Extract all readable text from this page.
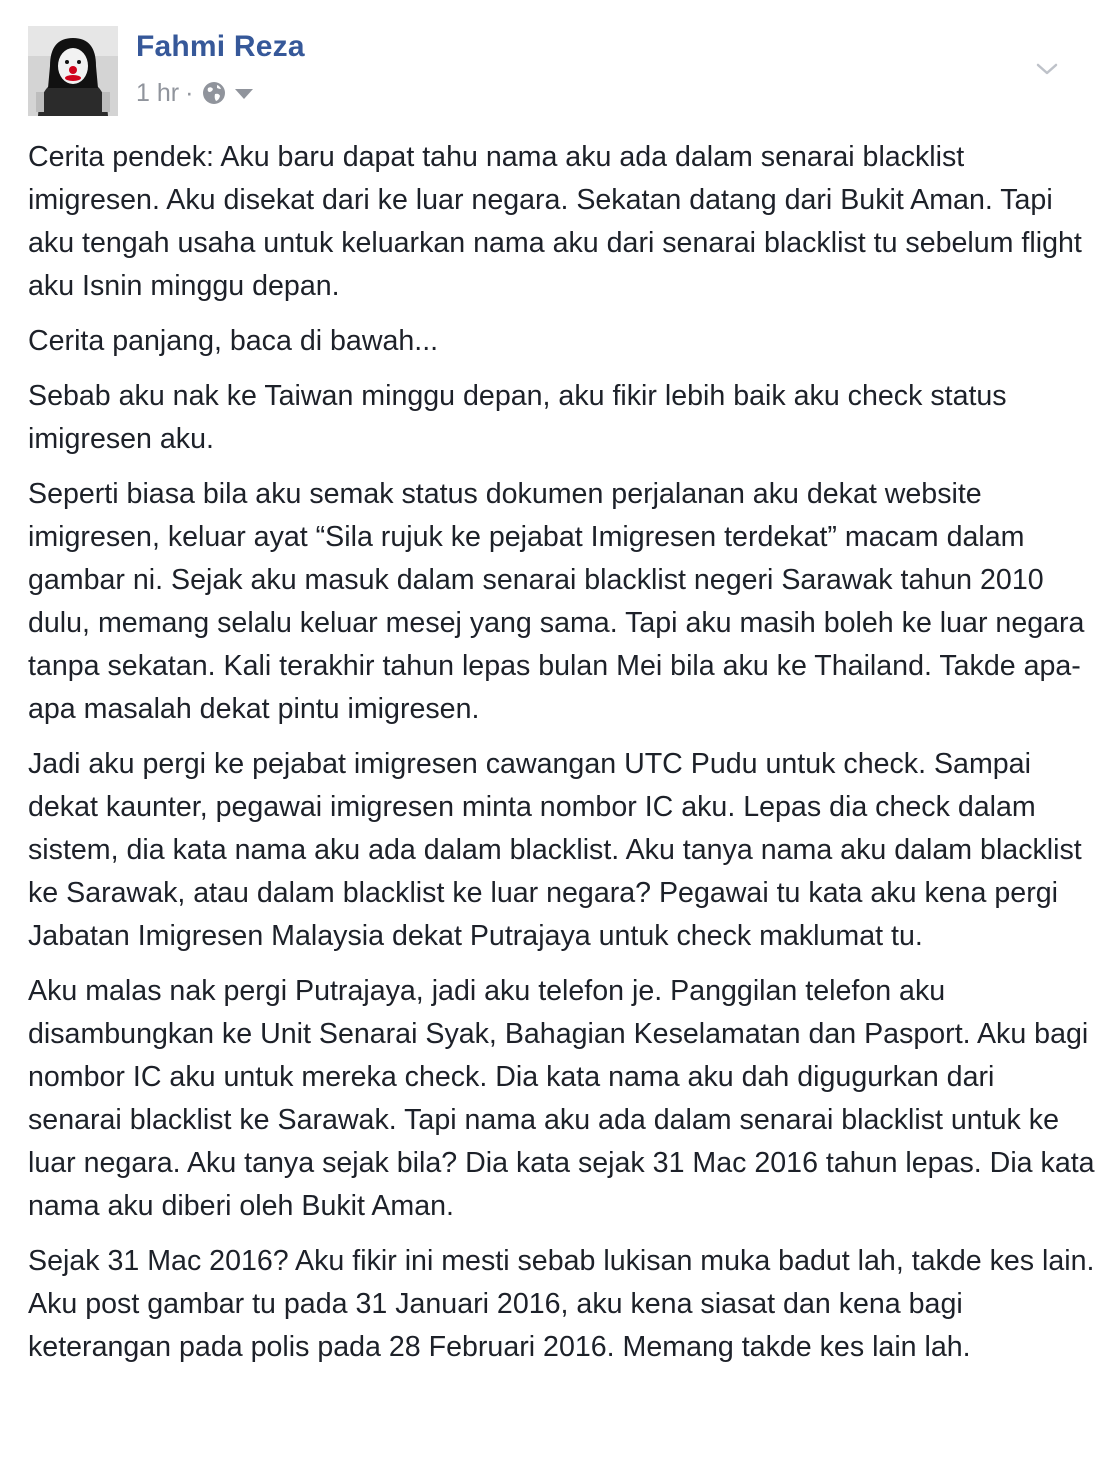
Fahmi Reza
1 hr ·

Cerita pendek: Aku baru dapat tahu nama aku ada dalam senarai blacklist imigresen. Aku disekat dari ke luar negara. Sekatan datang dari Bukit Aman. Tapi aku tengah usaha untuk keluarkan nama aku dari senarai blacklist tu sebelum flight aku Isnin minggu depan.

Cerita panjang, baca di bawah...

Sebab aku nak ke Taiwan minggu depan, aku fikir lebih baik aku check status imigresen aku.

Seperti biasa bila aku semak status dokumen perjalanan aku dekat website imigresen, keluar ayat “Sila rujuk ke pejabat Imigresen terdekat” macam dalam gambar ni. Sejak aku masuk dalam senarai blacklist negeri Sarawak tahun 2010 dulu, memang selalu keluar mesej yang sama. Tapi aku masih boleh ke luar negara tanpa sekatan. Kali terakhir tahun lepas bulan Mei bila aku ke Thailand. Takde apa-apa masalah dekat pintu imigresen.

Jadi aku pergi ke pejabat imigresen cawangan UTC Pudu untuk check. Sampai dekat kaunter, pegawai imigresen minta nombor IC aku. Lepas dia check dalam sistem, dia kata nama aku ada dalam blacklist. Aku tanya nama aku dalam blacklist ke Sarawak, atau dalam blacklist ke luar negara? Pegawai tu kata aku kena pergi Jabatan Imigresen Malaysia dekat Putrajaya untuk check maklumat tu.

Aku malas nak pergi Putrajaya, jadi aku telefon je. Panggilan telefon aku disambungkan ke Unit Senarai Syak, Bahagian Keselamatan dan Pasport. Aku bagi nombor IC aku untuk mereka check. Dia kata nama aku dah digugurkan dari senarai blacklist ke Sarawak. Tapi nama aku ada dalam senarai blacklist untuk ke luar negara. Aku tanya sejak bila? Dia kata sejak 31 Mac 2016 tahun lepas. Dia kata nama aku diberi oleh Bukit Aman.

Sejak 31 Mac 2016? Aku fikir ini mesti sebab lukisan muka badut lah, takde kes lain. Aku post gambar tu pada 31 Januari 2016, aku kena siasat dan kena bagi keterangan pada polis pada 28 Februari 2016. Memang takde kes lain lah.
